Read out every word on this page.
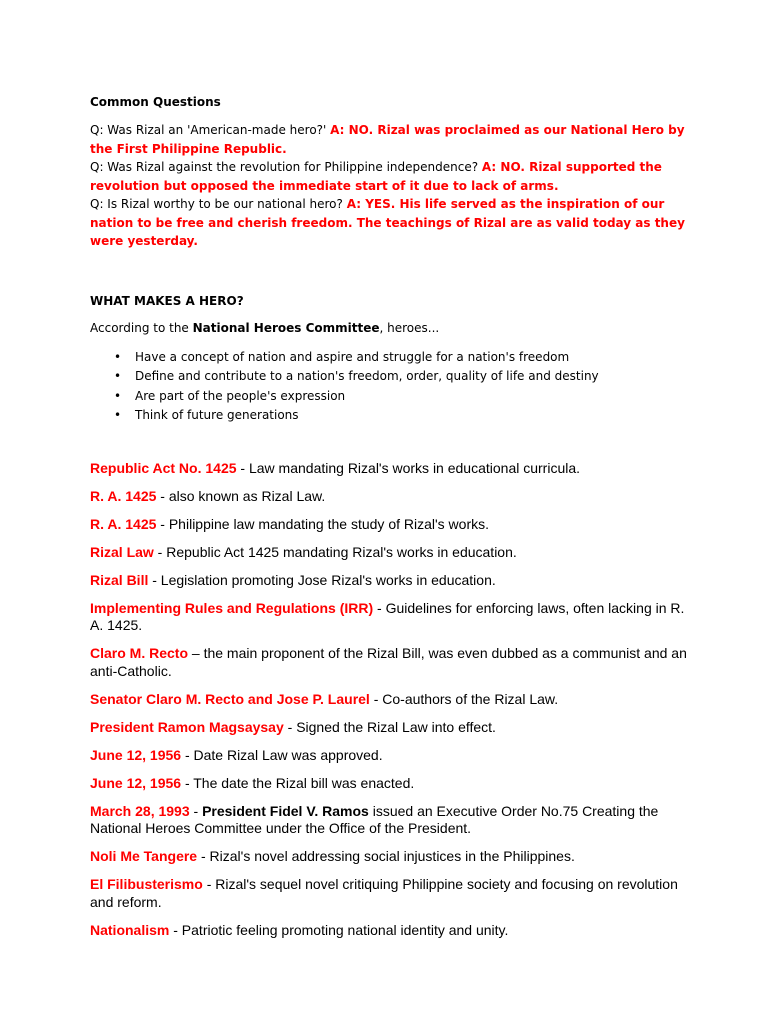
Common Questions

Q: Was Rizal an 'American-made hero?' A: NO. Rizal was proclaimed as our National Hero by the First Philippine Republic.
Q: Was Rizal against the revolution for Philippine independence? A: NO. Rizal supported the revolution but opposed the immediate start of it due to lack of arms.
Q: Is Rizal worthy to be our national hero? A: YES. His life served as the inspiration of our nation to be free and cherish freedom. The teachings of Rizal are as valid today as they were yesterday.

WHAT MAKES A HERO?

According to the National Heroes Committee, heroes...

• Have a concept of nation and aspire and struggle for a nation's freedom
• Define and contribute to a nation's freedom, order, quality of life and destiny
• Are part of the people's expression
• Think of future generations

Republic Act No. 1425 - Law mandating Rizal's works in educational curricula.

R. A. 1425 - also known as Rizal Law.

R. A. 1425 - Philippine law mandating the study of Rizal's works.

Rizal Law - Republic Act 1425 mandating Rizal's works in education.

Rizal Bill - Legislation promoting Jose Rizal's works in education.

Implementing Rules and Regulations (IRR) - Guidelines for enforcing laws, often lacking in R. A. 1425.

Claro M. Recto – the main proponent of the Rizal Bill, was even dubbed as a communist and an anti-Catholic.

Senator Claro M. Recto and Jose P. Laurel - Co-authors of the Rizal Law.

President Ramon Magsaysay - Signed the Rizal Law into effect.

June 12, 1956 - Date Rizal Law was approved.

June 12, 1956 - The date the Rizal bill was enacted.

March 28, 1993 - President Fidel V. Ramos issued an Executive Order No.75 Creating the National Heroes Committee under the Office of the President.

Noli Me Tangere - Rizal's novel addressing social injustices in the Philippines.

El Filibusterismo - Rizal's sequel novel critiquing Philippine society and focusing on revolution and reform.

Nationalism - Patriotic feeling promoting national identity and unity.
